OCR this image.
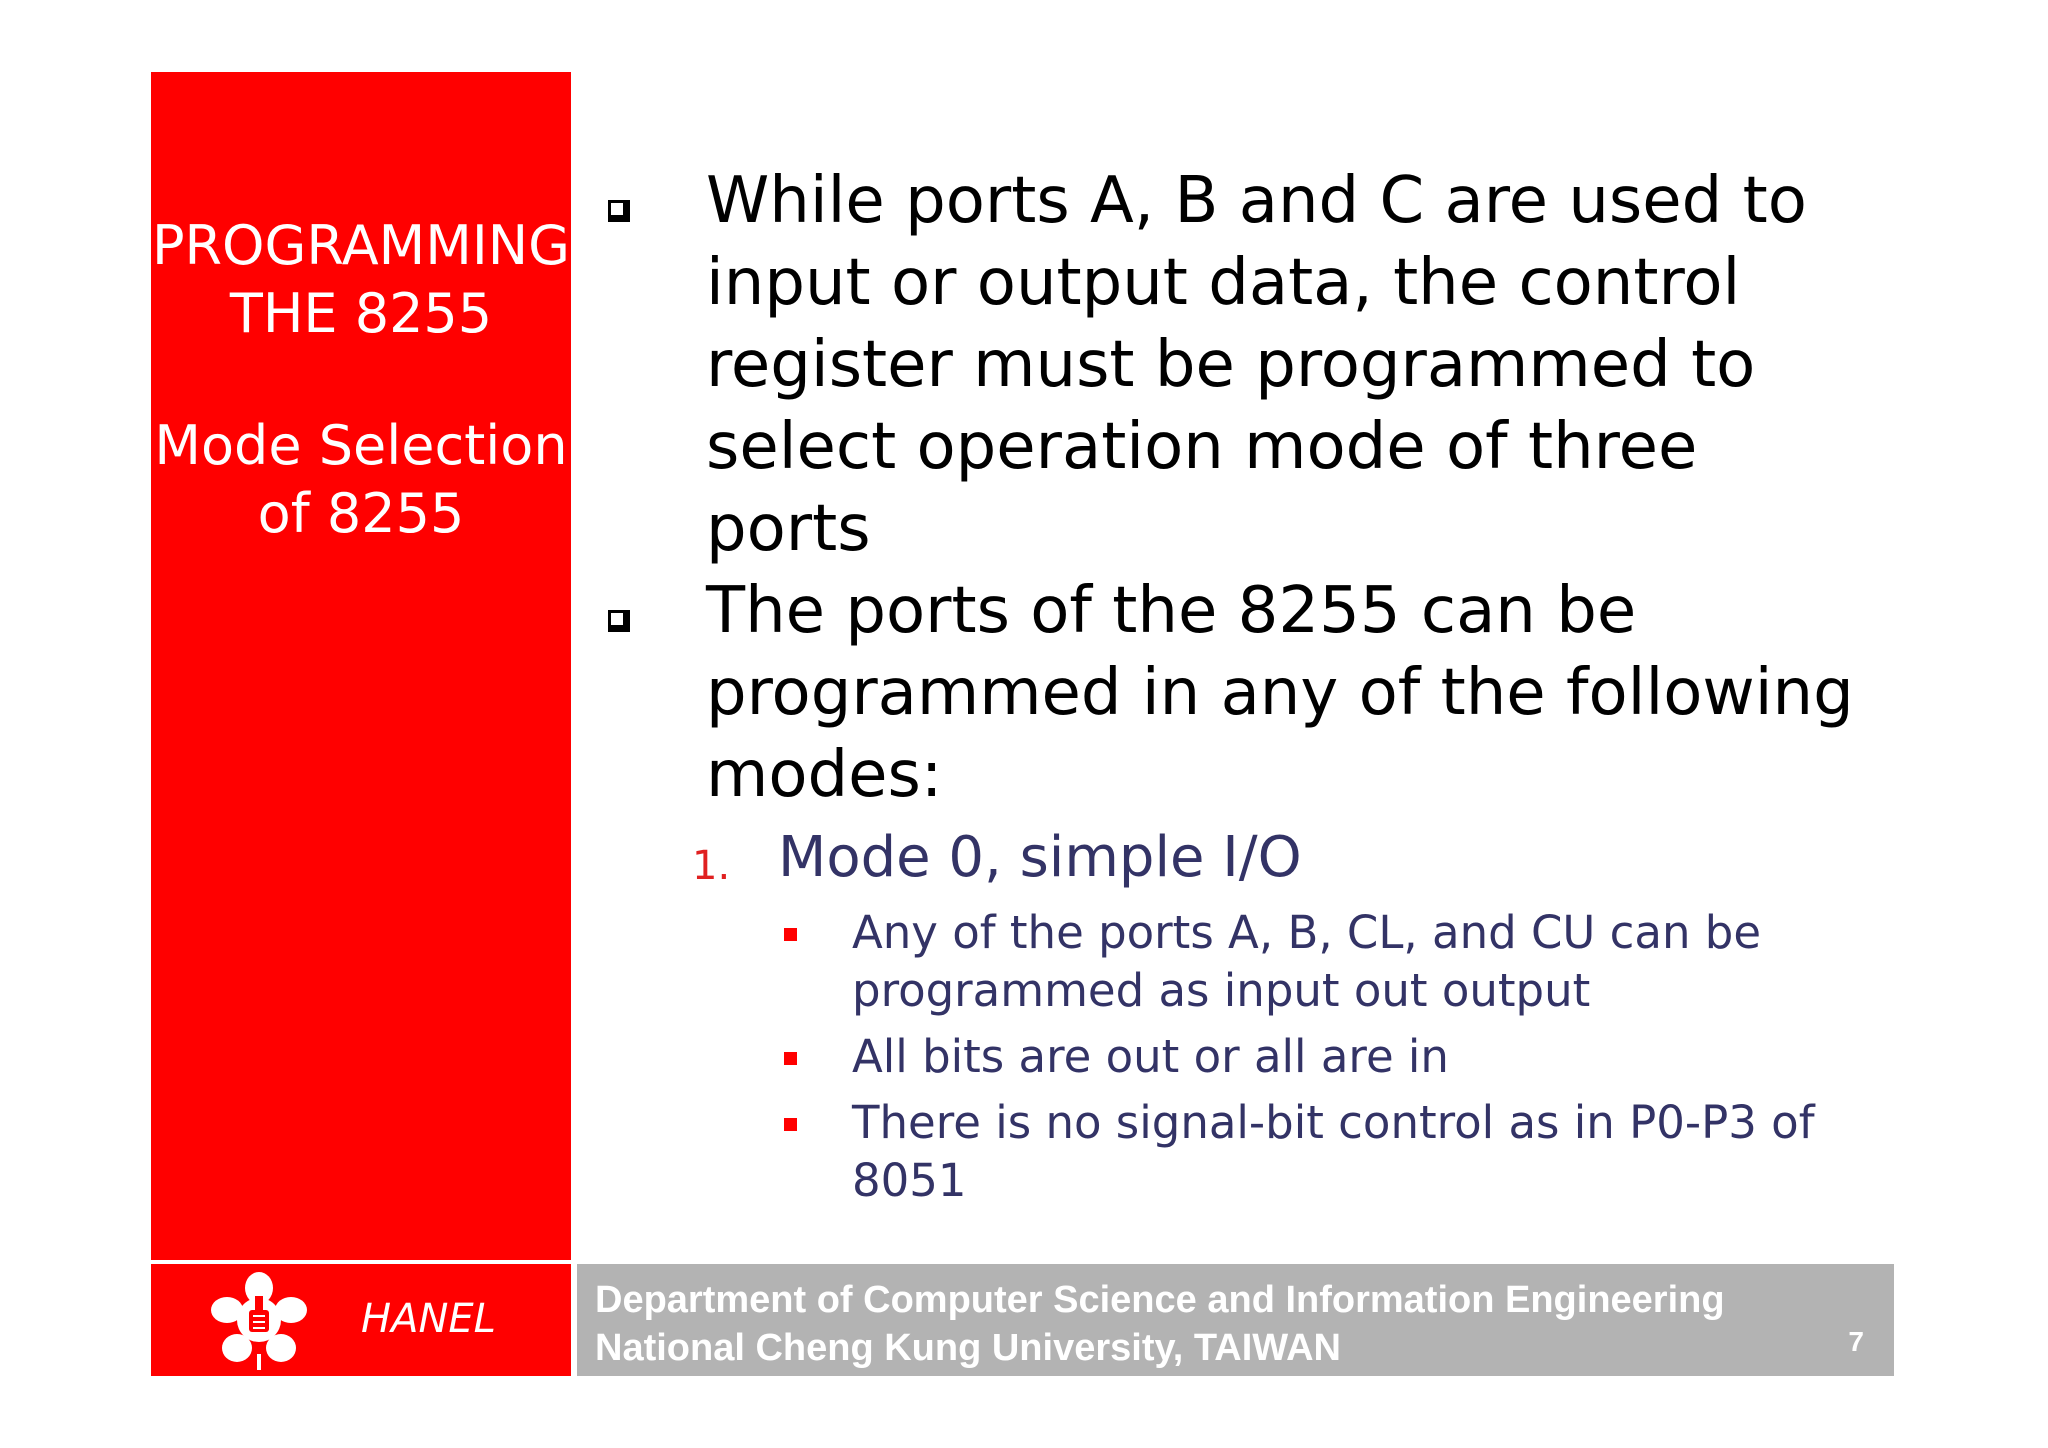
PROGRAMMING
THE 8255
Mode Selection
of 8255
While ports A, B and C are used to
input or output data, the control
register must be programmed to
select operation mode of three ports
The ports of the 8255 can be
programmed in any of the following
modes:
1. Mode 0, simple I/O
Any of the ports A, B, CL, and CU can be
programmed as input out output
All bits are out or all are in
There is no signal-bit control as in P0-P3 of
8051
HANEL	Department of Computer Science and Information Engineering
National Cheng Kung University, TAIWAN	7
